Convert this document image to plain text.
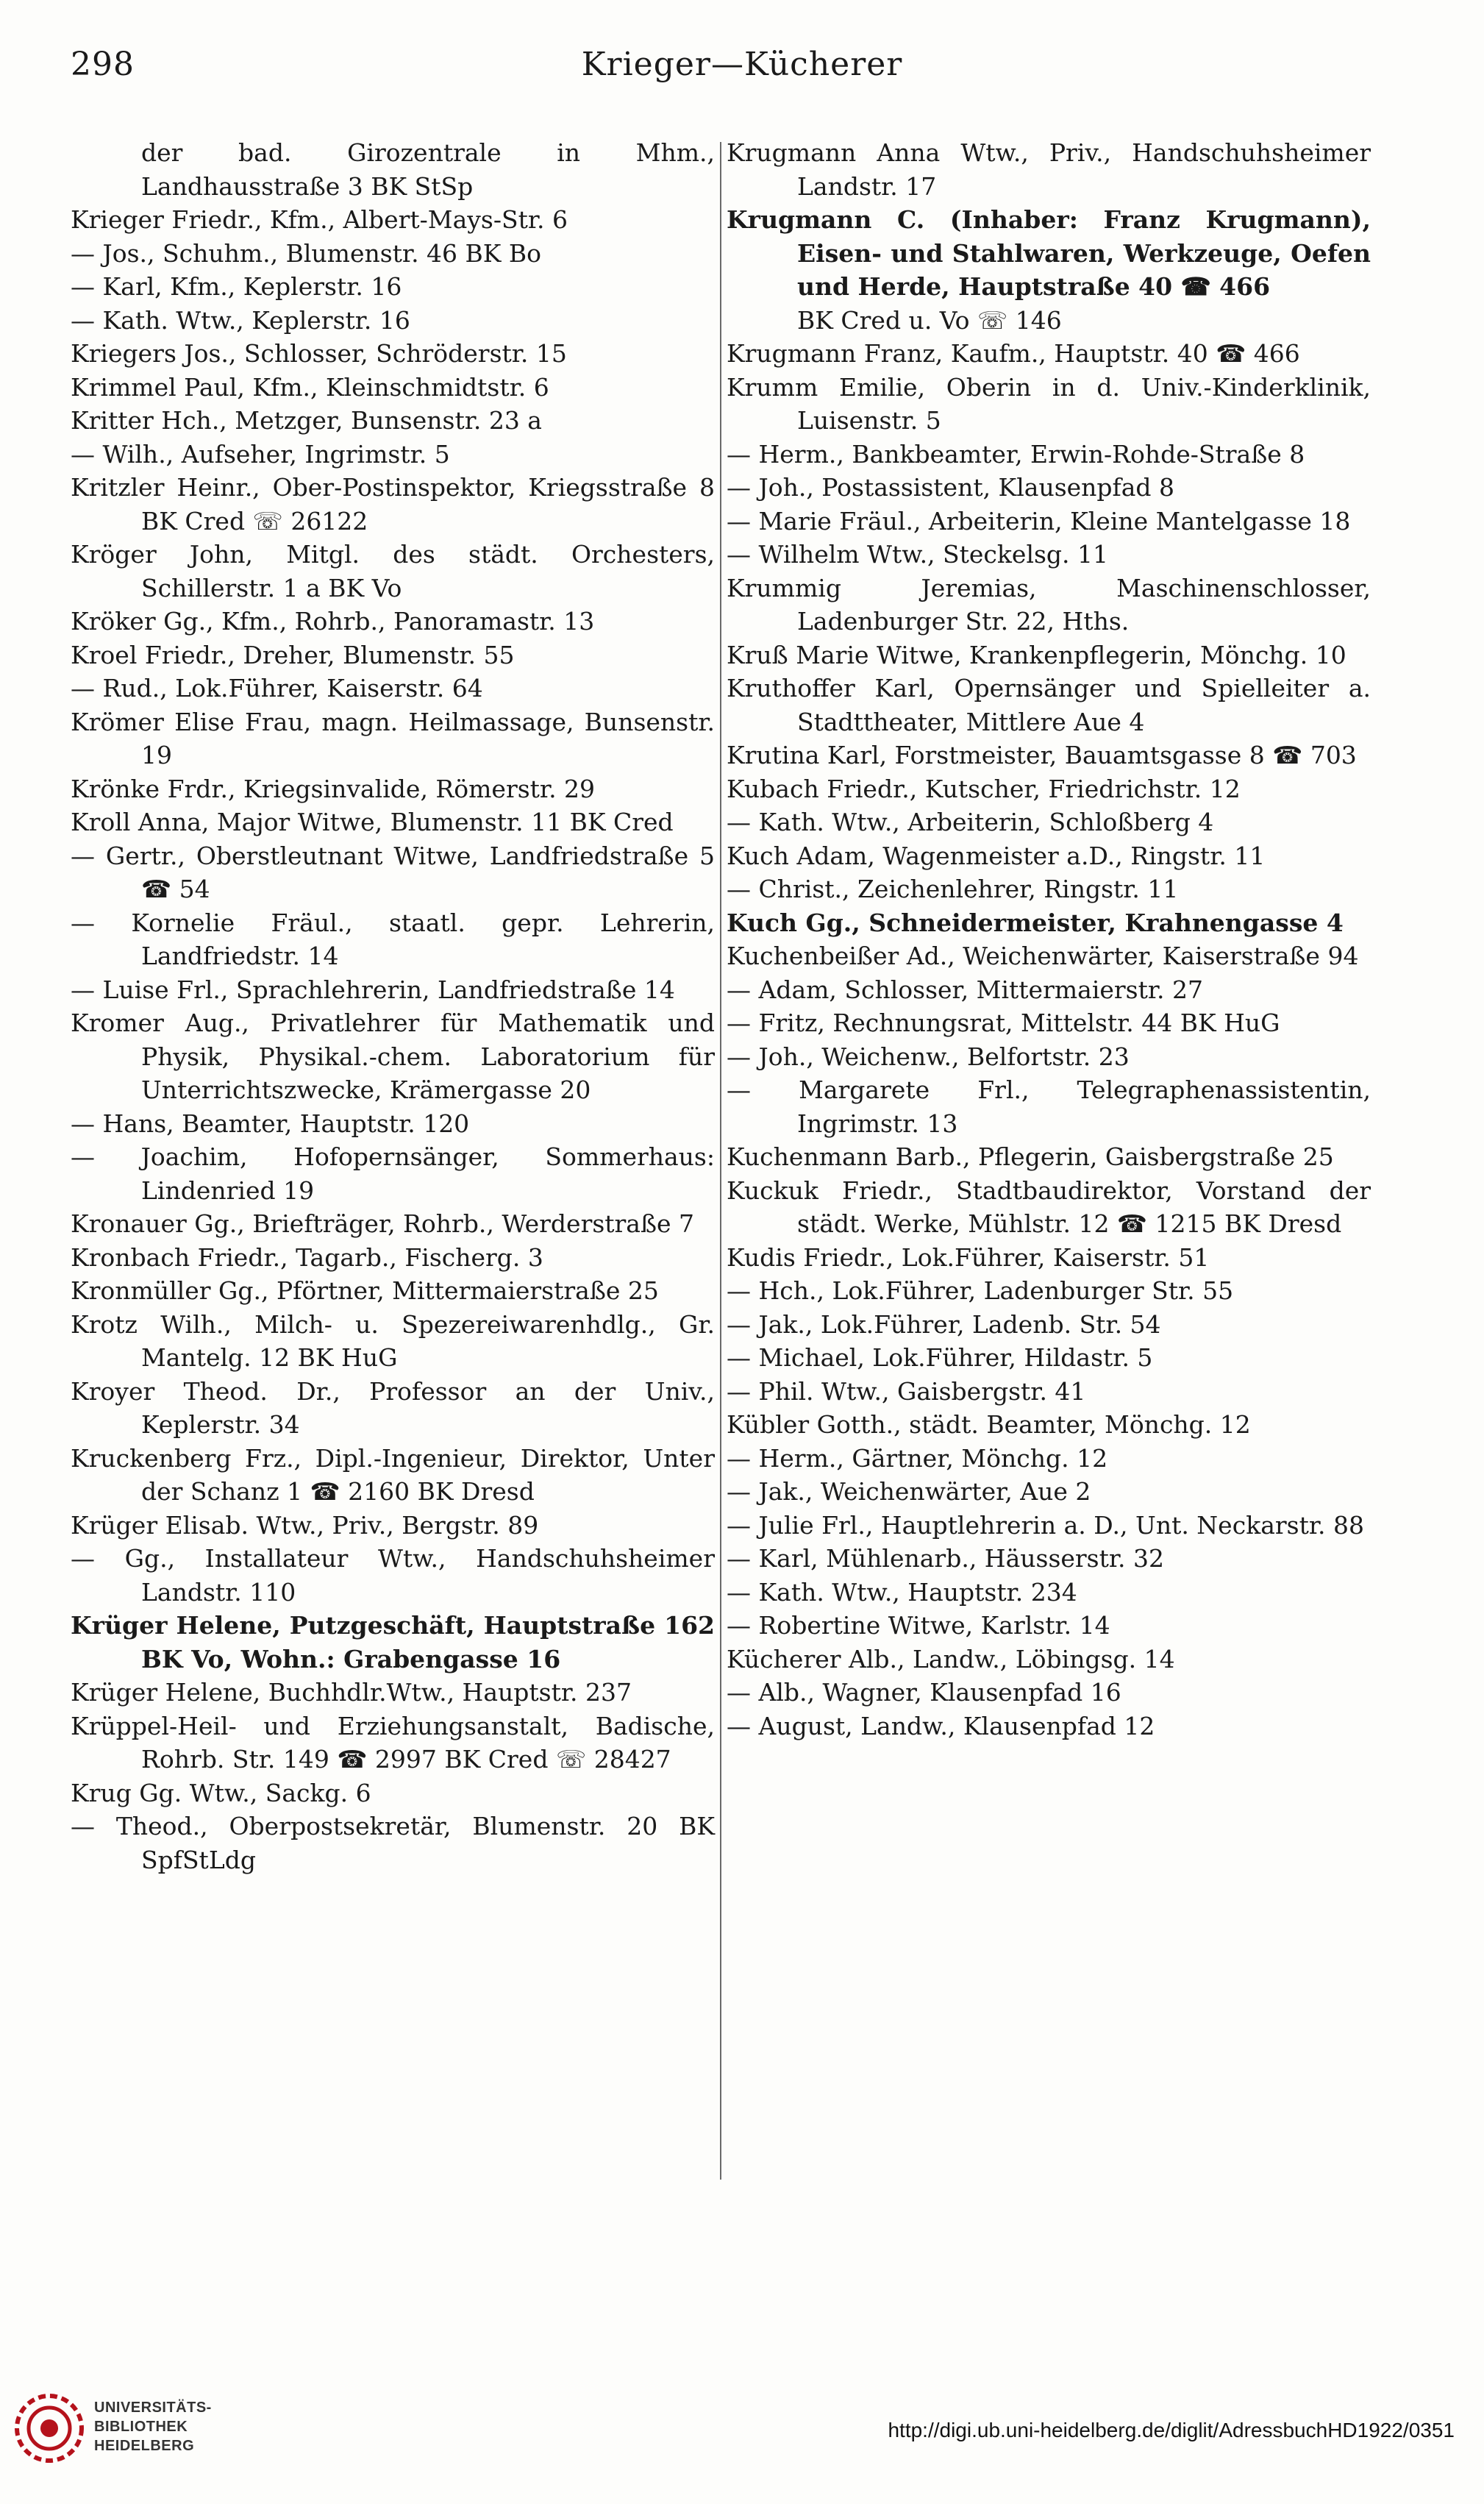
298	Krieger—Kücherer

der bad. Girozentrale in Mhm., Landhausstraße 3 BK StSp

Krieger Friedr., Kfm., Albert-Mays-Str. 6

— Jos., Schuhm., Blumenstr. 46 BK Bo

— Karl, Kfm., Keplerstr. 16

— Kath. Wtw., Keplerstr. 16

Kriegers Jos., Schlosser, Schröderstr. 15

Krimmel Paul, Kfm., Kleinschmidtstr. 6

Kritter Hch., Metzger, Bunsenstr. 23 a

— Wilh., Aufseher, Ingrimstr. 5

Kritzler Heinr., Ober-Postinspektor, Kriegsstraße 8 BK Cred ☏ 26122

Kröger John, Mitgl. des städt. Orchesters, Schillerstr. 1 a BK Vo

Kröker Gg., Kfm., Rohrb., Panoramastr. 13

Kroel Friedr., Dreher, Blumenstr. 55

— Rud., Lok.Führer, Kaiserstr. 64

Krömer Elise Frau, magn. Heilmassage, Bunsenstr. 19

Krönke Frdr., Kriegsinvalide, Römerstr. 29

Kroll Anna, Major Witwe, Blumenstr. 11 BK Cred

— Gertr., Oberstleutnant Witwe, Landfriedstraße 5 ☎ 54

— Kornelie Fräul., staatl. gepr. Lehrerin, Landfriedstr. 14

— Luise Frl., Sprachlehrerin, Landfriedstraße 14

Kromer Aug., Privatlehrer für Mathematik und Physik, Physikal.-chem. Laboratorium für Unterrichtszwecke, Krämergasse 20

— Hans, Beamter, Hauptstr. 120

— Joachim, Hofopernsänger, Sommerhaus: Lindenried 19

Kronauer Gg., Briefträger, Rohrb., Werderstraße 7

Kronbach Friedr., Tagarb., Fischerg. 3

Kronmüller Gg., Pförtner, Mittermaierstraße 25

Krotz Wilh., Milch- u. Spezereiwarenhdlg., Gr. Mantelg. 12 BK HuG

Kroyer Theod. Dr., Professor an der Univ., Keplerstr. 34

Kruckenberg Frz., Dipl.-Ingenieur, Direktor, Unter der Schanz 1 ☎ 2160 BK Dresd

Krüger Elisab. Wtw., Priv., Bergstr. 89

— Gg., Installateur Wtw., Handschuhsheimer Landstr. 110

Krüger Helene, Putzgeschäft, Hauptstraße 162 BK Vo, Wohn.: Grabengasse 16

Krüger Helene, Buchhdlr.Wtw., Hauptstr. 237

Krüppel-Heil- und Erziehungsanstalt, Badische, Rohrb. Str. 149 ☎ 2997 BK Cred ☏ 28427

Krug Gg. Wtw., Sackg. 6

— Theod., Oberpostsekretär, Blumenstr. 20 BK SpfStLdg

Krugmann Anna Wtw., Priv., Handschuhsheimer Landstr. 17

Krugmann C. (Inhaber: Franz Krugmann), Eisen- und Stahlwaren, Werkzeuge, Oefen und Herde, Hauptstraße 40 ☎ 466

BK Cred u. Vo ☏ 146

Krugmann Franz, Kaufm., Hauptstr. 40 ☎ 466

Krumm Emilie, Oberin in d. Univ.-Kinderklinik, Luisenstr. 5

— Herm., Bankbeamter, Erwin-Rohde-Straße 8

— Joh., Postassistent, Klausenpfad 8

— Marie Fräul., Arbeiterin, Kleine Mantelgasse 18

— Wilhelm Wtw., Steckelsg. 11

Krummig Jeremias, Maschinenschlosser, Ladenburger Str. 22, Hths.

Kruß Marie Witwe, Krankenpflegerin, Mönchg. 10

Kruthoffer Karl, Opernsänger und Spielleiter a. Stadttheater, Mittlere Aue 4

Krutina Karl, Forstmeister, Bauamtsgasse 8 ☎ 703

Kubach Friedr., Kutscher, Friedrichstr. 12

— Kath. Wtw., Arbeiterin, Schloßberg 4

Kuch Adam, Wagenmeister a.D., Ringstr. 11

— Christ., Zeichenlehrer, Ringstr. 11

Kuch Gg., Schneidermeister, Krahnengasse 4

Kuchenbeißer Ad., Weichenwärter, Kaiserstraße 94

— Adam, Schlosser, Mittermaierstr. 27

— Fritz, Rechnungsrat, Mittelstr. 44 BK HuG

— Joh., Weichenw., Belfortstr. 23

— Margarete Frl., Telegraphenassistentin, Ingrimstr. 13

Kuchenmann Barb., Pflegerin, Gaisbergstraße 25

Kuckuk Friedr., Stadtbaudirektor, Vorstand der städt. Werke, Mühlstr. 12 ☎ 1215 BK Dresd

Kudis Friedr., Lok.Führer, Kaiserstr. 51

— Hch., Lok.Führer, Ladenburger Str. 55

— Jak., Lok.Führer, Ladenb. Str. 54

— Michael, Lok.Führer, Hildastr. 5

— Phil. Wtw., Gaisbergstr. 41

Kübler Gotth., städt. Beamter, Mönchg. 12

— Herm., Gärtner, Mönchg. 12

— Jak., Weichenwärter, Aue 2

— Julie Frl., Hauptlehrerin a. D., Unt. Neckarstr. 88

— Karl, Mühlenarb., Häusserstr. 32

— Kath. Wtw., Hauptstr. 234

— Robertine Witwe, Karlstr. 14

Kücherer Alb., Landw., Löbingsg. 14

— Alb., Wagner, Klausenpfad 16

— August, Landw., Klausenpfad 12

UNIVERSITÄTS-
BIBLIOTHEK
HEIDELBERG
http://digi.ub.uni-heidelberg.de/diglit/AdressbuchHD1922/0351
